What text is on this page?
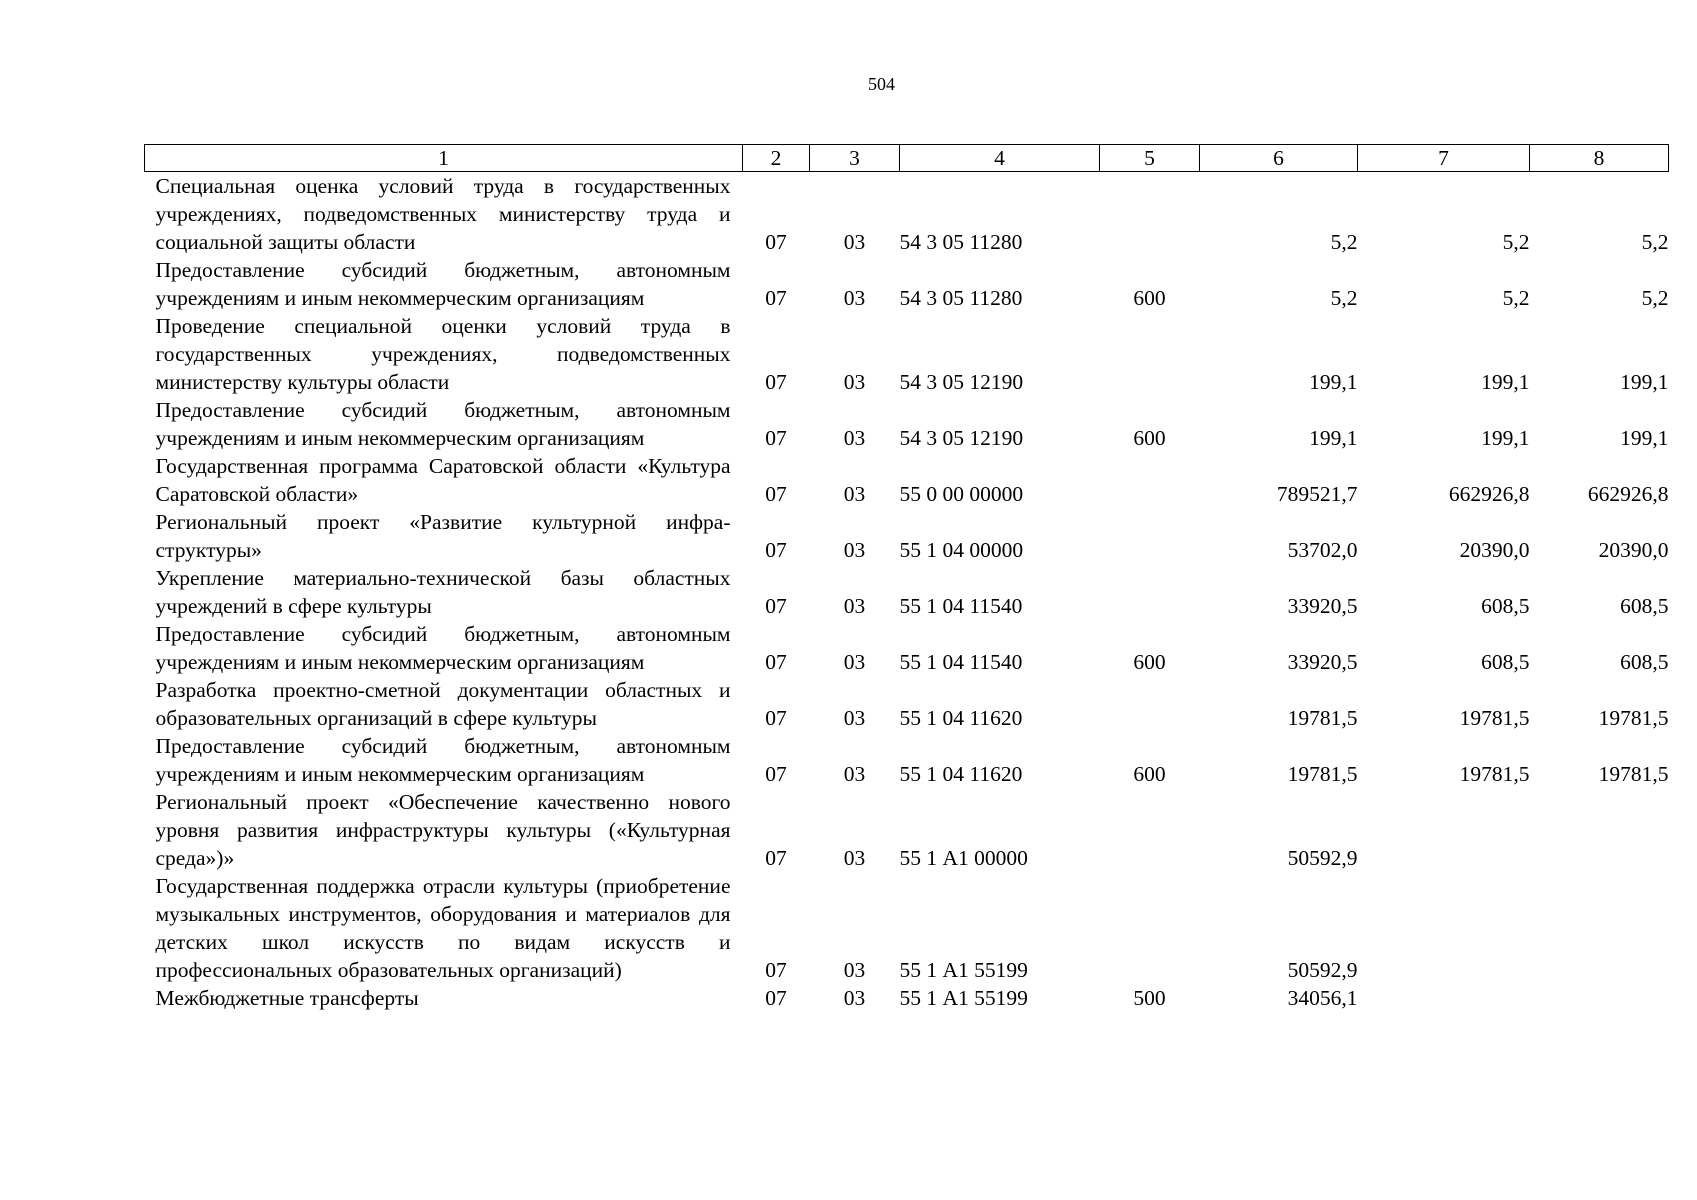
504
1	2	3	4	5	6	7	8
Специальная оценка условий труда в государственных учреждениях, подведомственных министерству труда и социальной защиты области	07	03	54 3 05 11280		5,2	5,2	5,2
Предоставление субсидий бюджетным, автономным учреждениям и иным некоммерческим организациям	07	03	54 3 05 11280	600	5,2	5,2	5,2
Проведение специальной оценки условий труда в государственных учреждениях, подведомственных министерству культуры области	07	03	54 3 05 12190		199,1	199,1	199,1
Предоставление субсидий бюджетным, автономным учреждениям и иным некоммерческим организациям	07	03	54 3 05 12190	600	199,1	199,1	199,1
Государственная программа Саратовской области «Культура Саратовской области»	07	03	55 0 00 00000		789521,7	662926,8	662926,8
Региональный проект «Развитие культурной инфраструктуры»	07	03	55 1 04 00000		53702,0	20390,0	20390,0
Укрепление материально-технической базы областных учреждений в сфере культуры	07	03	55 1 04 11540		33920,5	608,5	608,5
Предоставление субсидий бюджетным, автономным учреждениям и иным некоммерческим организациям	07	03	55 1 04 11540	600	33920,5	608,5	608,5
Разработка проектно-сметной документации областных и образовательных организаций в сфере культуры	07	03	55 1 04 11620		19781,5	19781,5	19781,5
Предоставление субсидий бюджетным, автономным учреждениям и иным некоммерческим организациям	07	03	55 1 04 11620	600	19781,5	19781,5	19781,5
Региональный проект «Обеспечение качественно нового уровня развития инфраструктуры культуры («Культурная среда»)»	07	03	55 1 А1 00000		50592,9		
Государственная поддержка отрасли культуры (приобретение музыкальных инструментов, оборудования и материалов для детских школ искусств по видам искусств и профессиональных образовательных организаций)	07	03	55 1 А1 55199		50592,9		
Межбюджетные трансферты	07	03	55 1 А1 55199	500	34056,1		
